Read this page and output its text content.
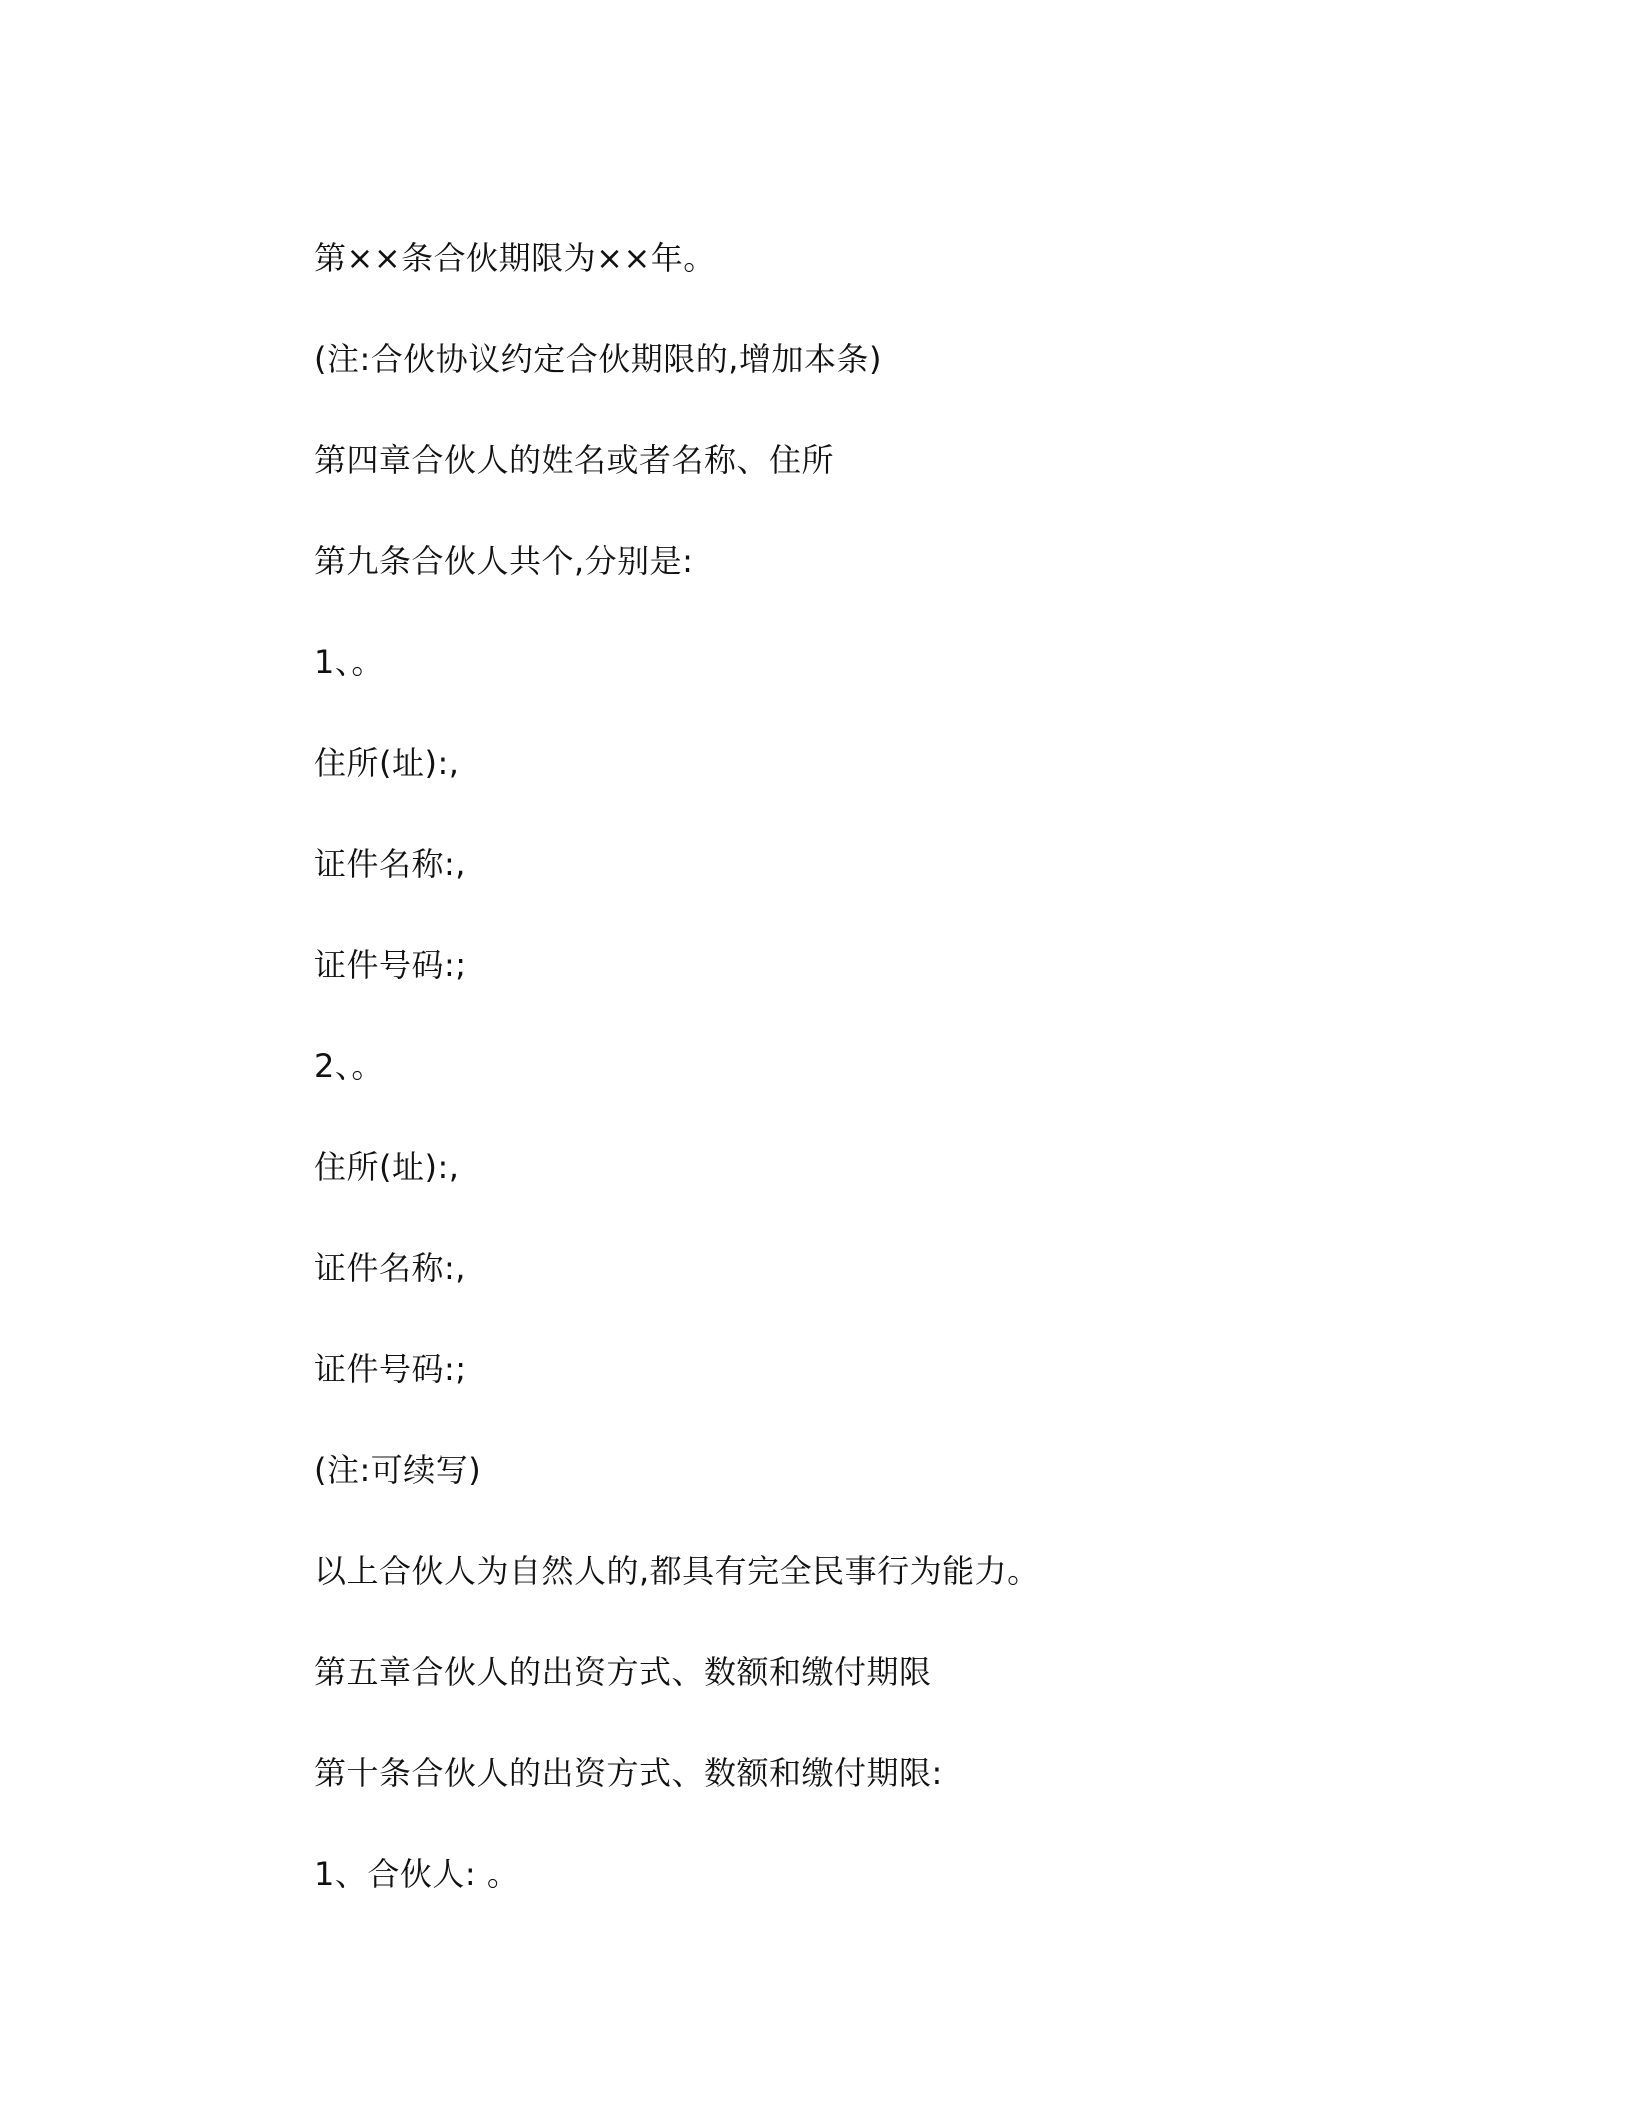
第××条合伙期限为××年。
(注:合伙协议约定合伙期限的,增加本条)
第四章合伙人的姓名或者名称、住所
第九条合伙人共个,分别是:
1、。
住所(址):,
证件名称:,
证件号码:;
2、。
住所(址):,
证件名称:,
证件号码:;
(注:可续写)
以上合伙人为自然人的,都具有完全民事行为能力。
第五章合伙人的出资方式、数额和缴付期限
第十条合伙人的出资方式、数额和缴付期限:
1、合伙人: 。
